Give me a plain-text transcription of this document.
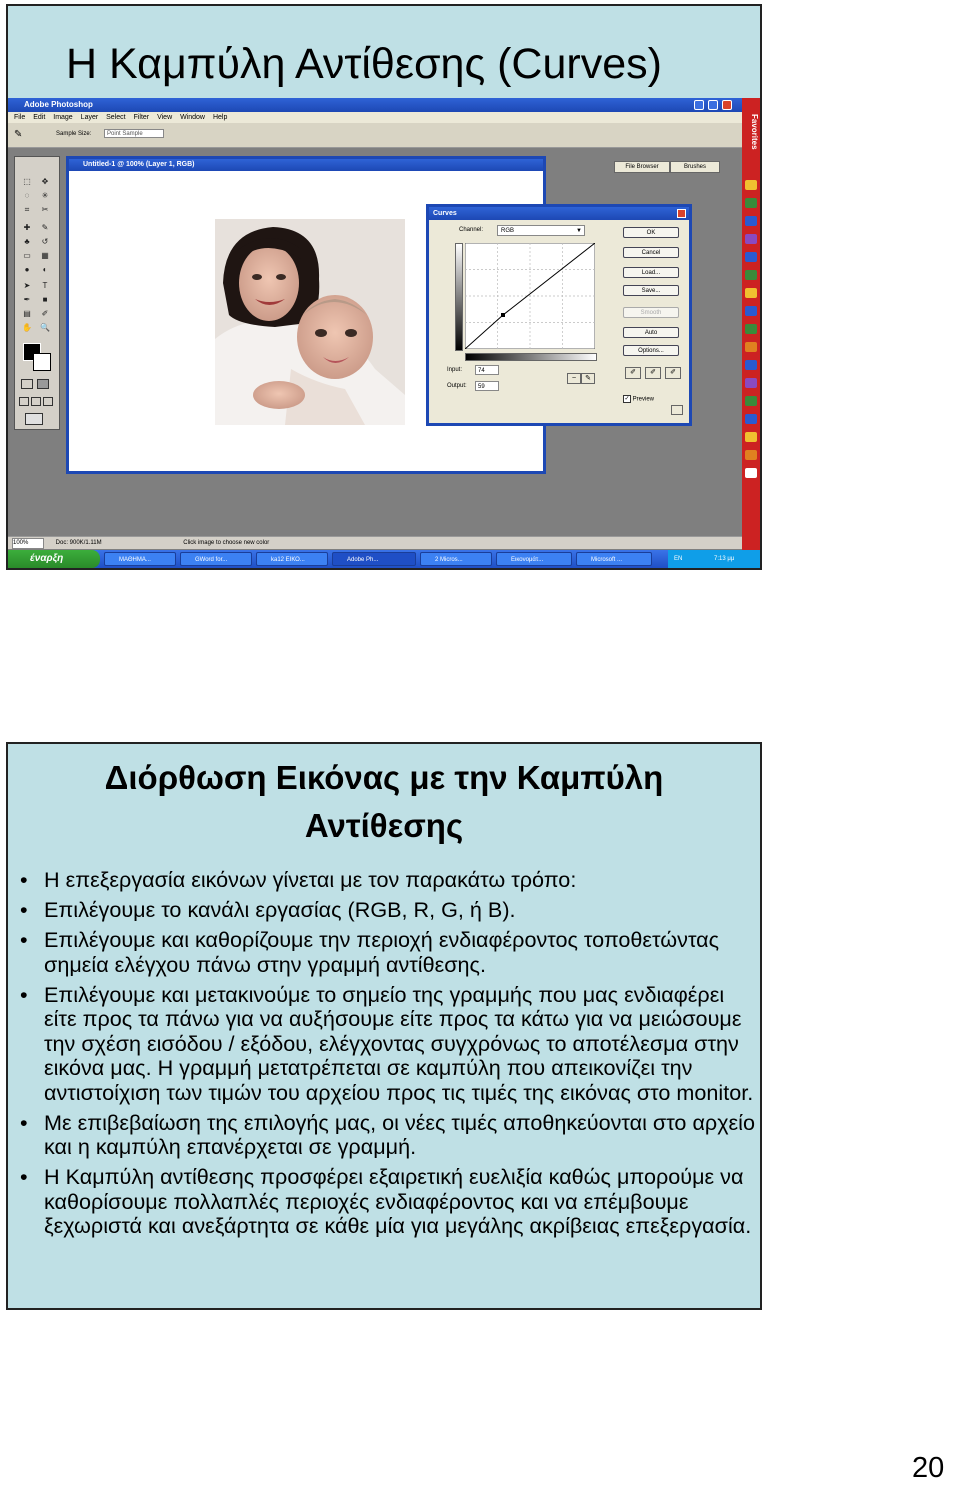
Η Καμπύλη Αντίθεσης (Curves)
Adobe Photoshop
File Edit Image Layer Select Filter View Window Help
✎	Sample Size:	Point Sample
File Browser	Brushes
Favorites
⬚	✥
◌	✳
⌗	✂
✚	✎
♣	↺
▭ ▦
●	◐
➤	T
✒	■
▤	✐
✋ 🔍
Untitled-1 @ 100% (Layer 1, RGB)
Curves
Channel:	RGB	▼
Input:	74
Output:	59
~	✎
OK
Cancel
Load...
Save...
Smooth
Auto
Options...
✐	✐	✐
✓ Preview
100%	Doc: 900K/1.11M	Click image to choose new color
έναρξη	ΜΑΘΗΜΑ...	GWord for...	ka12 ΕΙΚΟ...	Adobe Ph...	2 Micros...	Εικονομάτ...	Microsoft ...	EN	7:13 μμ
Διόρθωση Εικόνας με την Καμπύλη
Αντίθεσης
• Η επεξεργασία εικόνων γίνεται με τον παρακάτω τρόπο:
• Επιλέγουμε το κανάλι εργασίας (RGB, R, G, ή B).
• Επιλέγουμε και καθορίζουμε την περιοχή ενδιαφέροντος τοποθετώντας σημεία ελέγχου πάνω στην γραμμή αντίθεσης.
• Επιλέγουμε και μετακινούμε το σημείο της γραμμής που μας ενδιαφέρει είτε προς τα πάνω για να αυξήσουμε είτε προς τα κάτω για να μειώσουμε την σχέση εισόδου / εξόδου, ελέγχοντας συγχρόνως το αποτέλεσμα στην εικόνα μας. Η γραμμή μετατρέπεται σε καμπύλη που απεικονίζει την αντιστοίχιση των τιμών του αρχείου προς τις τιμές της εικόνας στο monitor.
• Με επιβεβαίωση της επιλογής μας, οι νέες τιμές αποθηκεύονται στο αρχείο και η καμπύλη επανέρχεται σε γραμμή.
• Η Καμπύλη αντίθεσης προσφέρει εξαιρετική ευελιξία καθώς μπορούμε να καθορίσουμε πολλαπλές περιοχές ενδιαφέροντος και να επέμβουμε ξεχωριστά και ανεξάρτητα σε κάθε μία για μεγάλης ακρίβειας επεξεργασία.
20
